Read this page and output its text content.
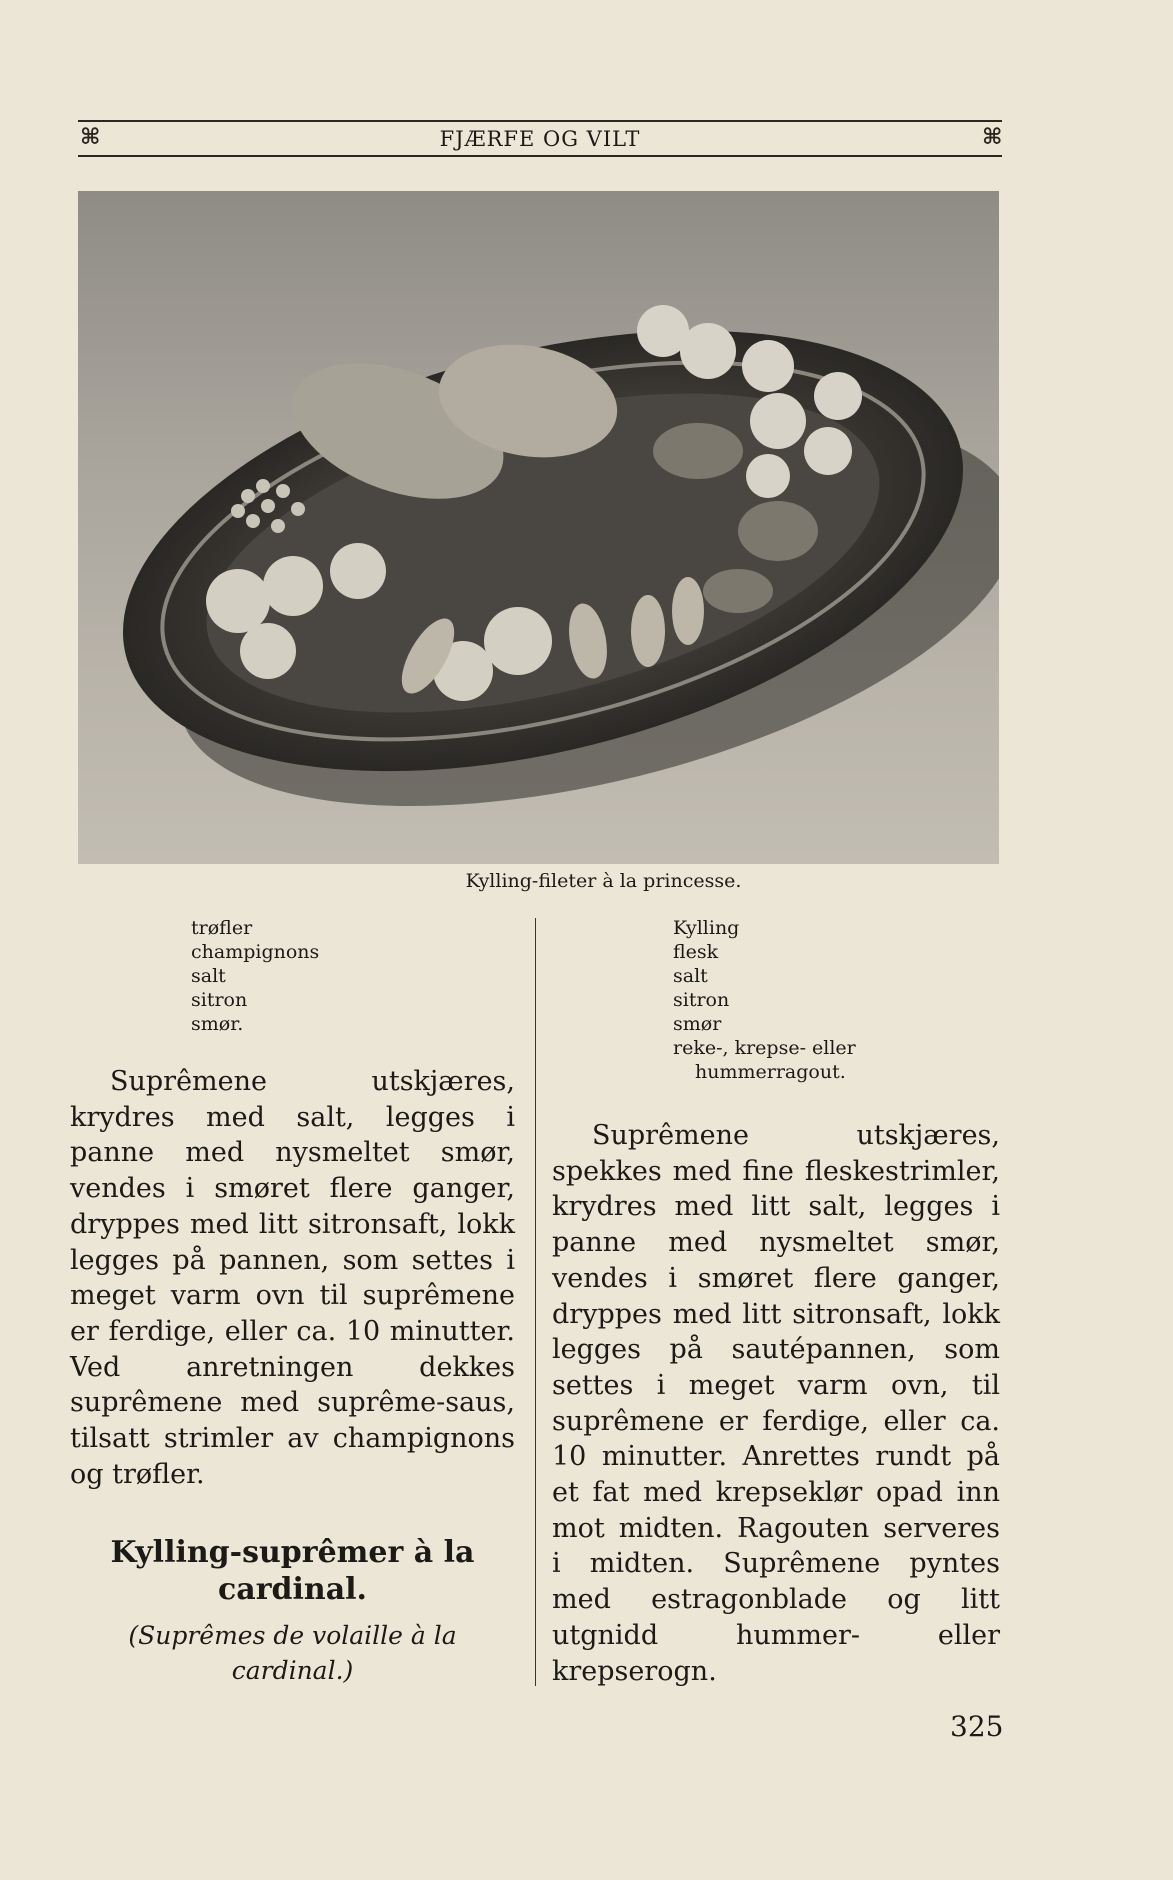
⌘	FJÆRFE OG VILT	⌘
Kylling-fileter à la princesse.
trøfler
champignons
salt
sitron
smør.

Suprêmene utskjæres, krydres med salt, legges i panne med nysmeltet smør, vendes i smøret flere ganger, dryppes med litt sitronsaft, lokk legges på pannen, som settes i meget varm ovn til suprêmene er ferdige, eller ca. 10 minutter. Ved anretningen dekkes suprêmene med suprême-saus, tilsatt strimler av champignons og trøfler.

Kylling-suprêmer à la cardinal.
(Suprêmes de volaille à la cardinal.)
Kylling
flesk
salt
sitron
smør
reke-, krepse- eller hummerragout.

Suprêmene utskjæres, spekkes med fine fleskestrimler, krydres med litt salt, legges i panne med nysmeltet smør, vendes i smøret flere ganger, dryppes med litt sitronsaft, lokk legges på sautépannen, som settes i meget varm ovn, til suprêmene er ferdige, eller ca. 10 minutter. Anrettes rundt på et fat med krepseklør opad inn mot midten. Ragouten serveres i midten. Suprêmene pyntes med estragonblade og litt utgnidd hummer- eller krepserogn.

325
